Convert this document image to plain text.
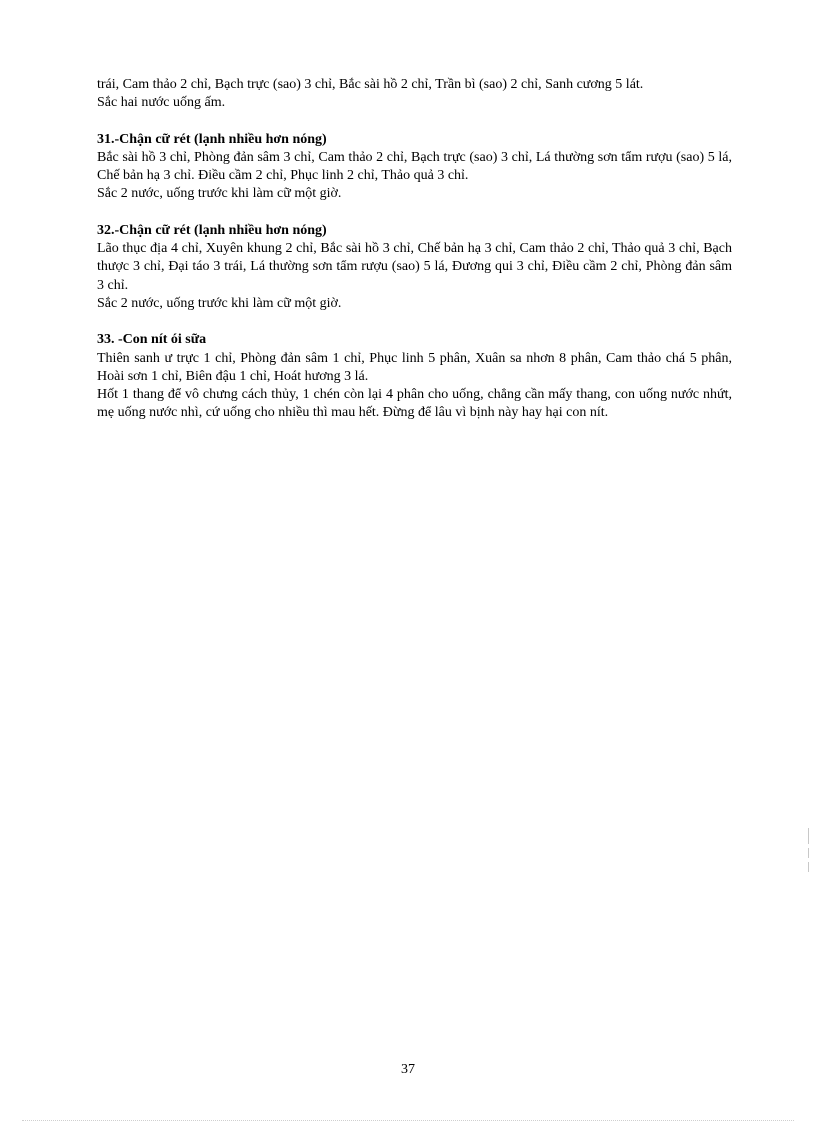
trái, Cam thảo 2 chỉ, Bạch trực (sao) 3 chỉ, Bắc sài hồ 2 chỉ, Trần bì (sao) 2 chỉ, Sanh cương 5 lát.

Sắc hai nước uống ấm.

31.-Chận cữ rét (lạnh nhiều hơn nóng)

Bắc sài hồ 3 chỉ, Phòng đản sâm 3 chỉ, Cam thảo 2 chỉ, Bạch trực (sao) 3 chỉ, Lá thường sơn tẩm rượu (sao) 5 lá, Chế bản hạ 3 chỉ. Điều cầm 2 chỉ, Phục linh 2 chỉ, Thảo quả 3 chỉ.

Sắc 2 nước, uống trước khi làm cữ một giờ.

32.-Chận cữ rét (lạnh nhiều hơn nóng)

Lão thục địa 4 chỉ, Xuyên khung 2 chỉ, Bắc sài hồ 3 chỉ, Chế bản hạ 3 chỉ, Cam thảo 2 chỉ, Thảo quả 3 chỉ, Bạch thược 3 chỉ, Đại táo 3 trái, Lá thường sơn tẩm rượu (sao) 5 lá, Đương qui 3 chỉ, Điều cầm 2 chỉ, Phòng đản sâm 3 chỉ.

Sắc 2 nước, uống trước khi làm cữ một giờ.

33. -Con nít ói sữa

Thiên sanh ư trực 1 chỉ, Phòng đản sâm 1 chỉ, Phục linh 5 phân, Xuân sa nhơn 8 phân, Cam thảo chá 5 phân, Hoài sơn 1 chỉ, Biên đậu 1 chỉ, Hoát hương 3 lá.

Hốt 1 thang để vô chưng cách thủy, 1 chén còn lại 4 phân cho uống, chẳng cần mấy thang, con uống nước nhứt, mẹ uống nước nhì, cứ uống cho nhiều thì mau hết. Đừng để lâu vì bịnh này hay hại con nít.

37
